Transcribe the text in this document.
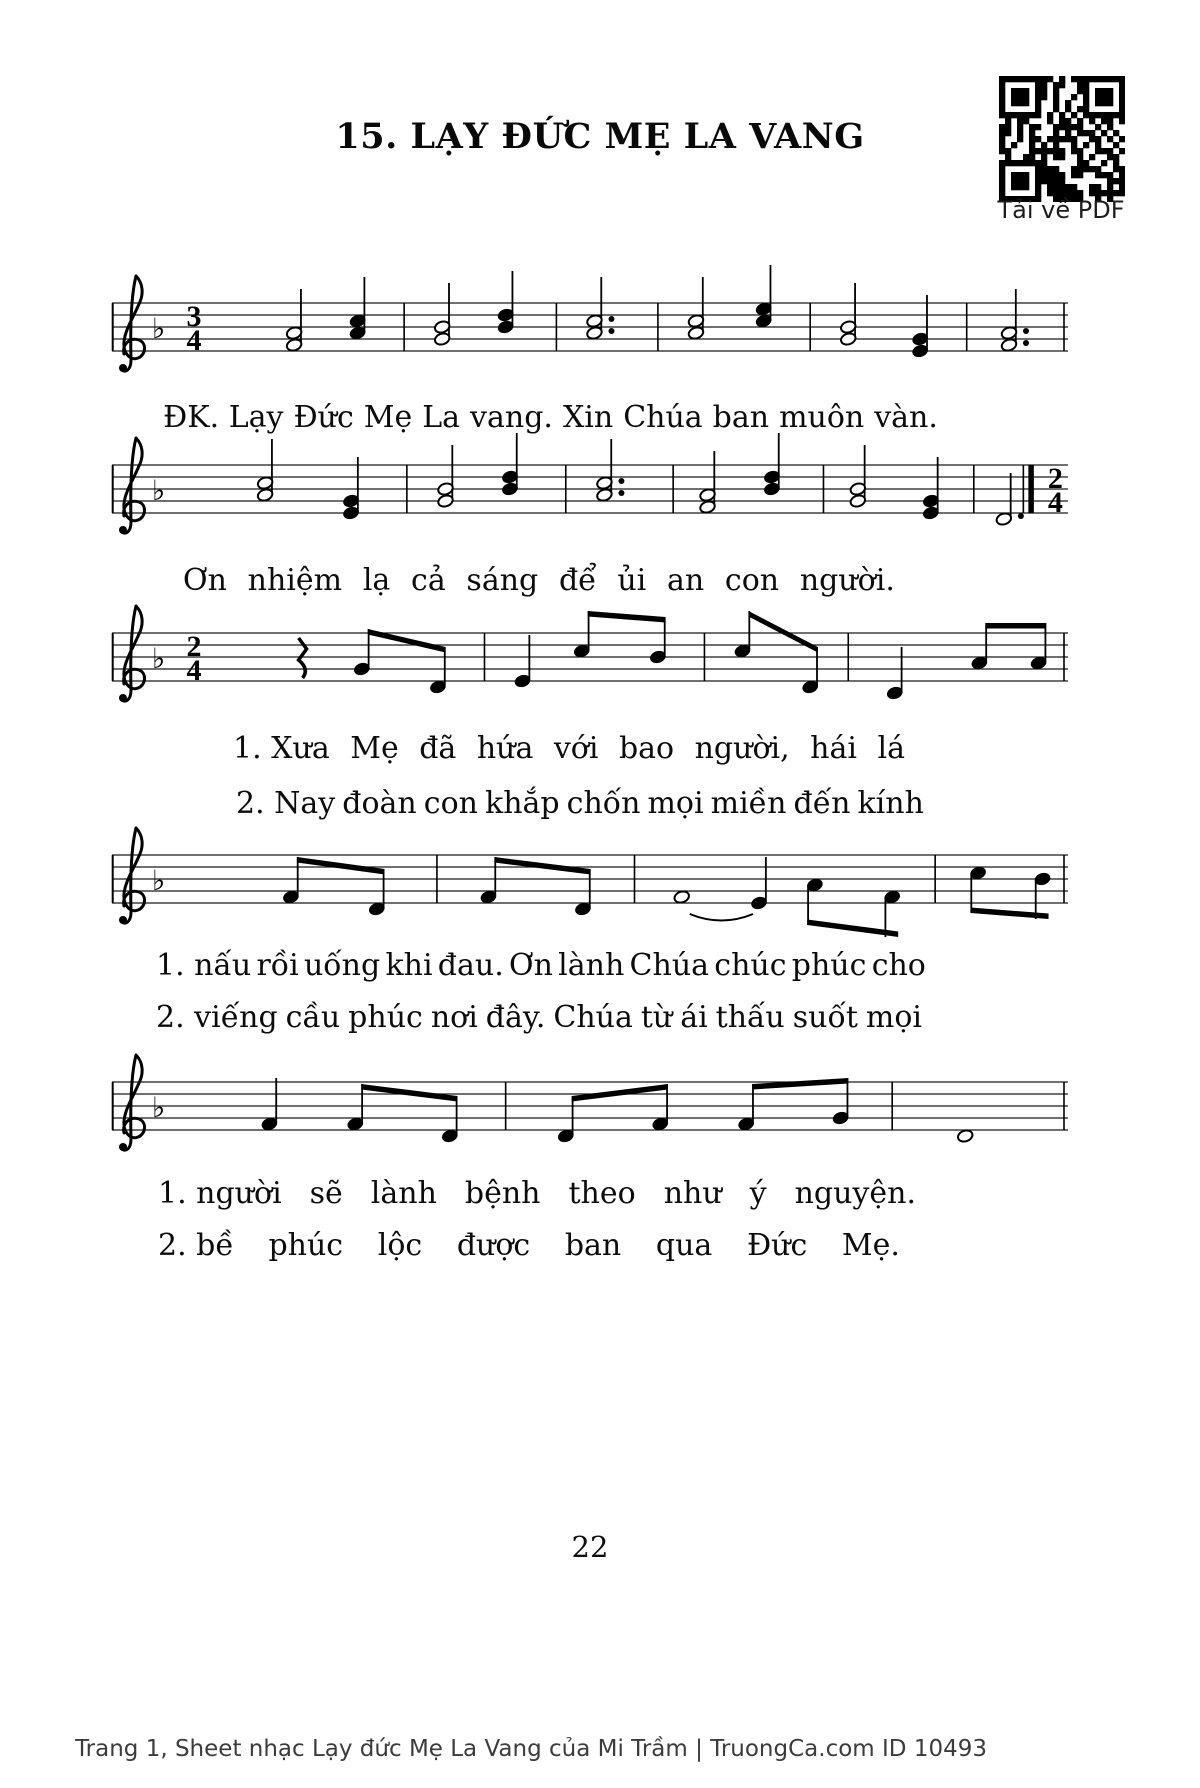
15. LẠY ĐỨC MẸ LA VANG
Tải về PDF
♭ 3
4
♭	2
4
♭ 2
4
♭
♭
ĐK. Lạy Đức Mẹ La vang. Xin Chúa ban muôn vàn.
Ơn nhiệm lạ cả sáng để ủi an con người.
1. Xưa Mẹ đã hứa với bao người, hái lá
2. Nay đoàn con khắp chốn mọi miền đến kính
1. nấu rồi uống khi đau. Ơn lành Chúa chúc phúc cho
2. viếng cầu phúc nơi đây. Chúa từ ái thấu suốt mọi
1. người sẽ lành bệnh theo như ý nguyện.
2. bề phúc lộc được ban qua Đức Mẹ.
22
Trang 1, Sheet nhạc Lạy đức Mẹ La Vang của Mi Trầm | TruongCa.com ID 10493
